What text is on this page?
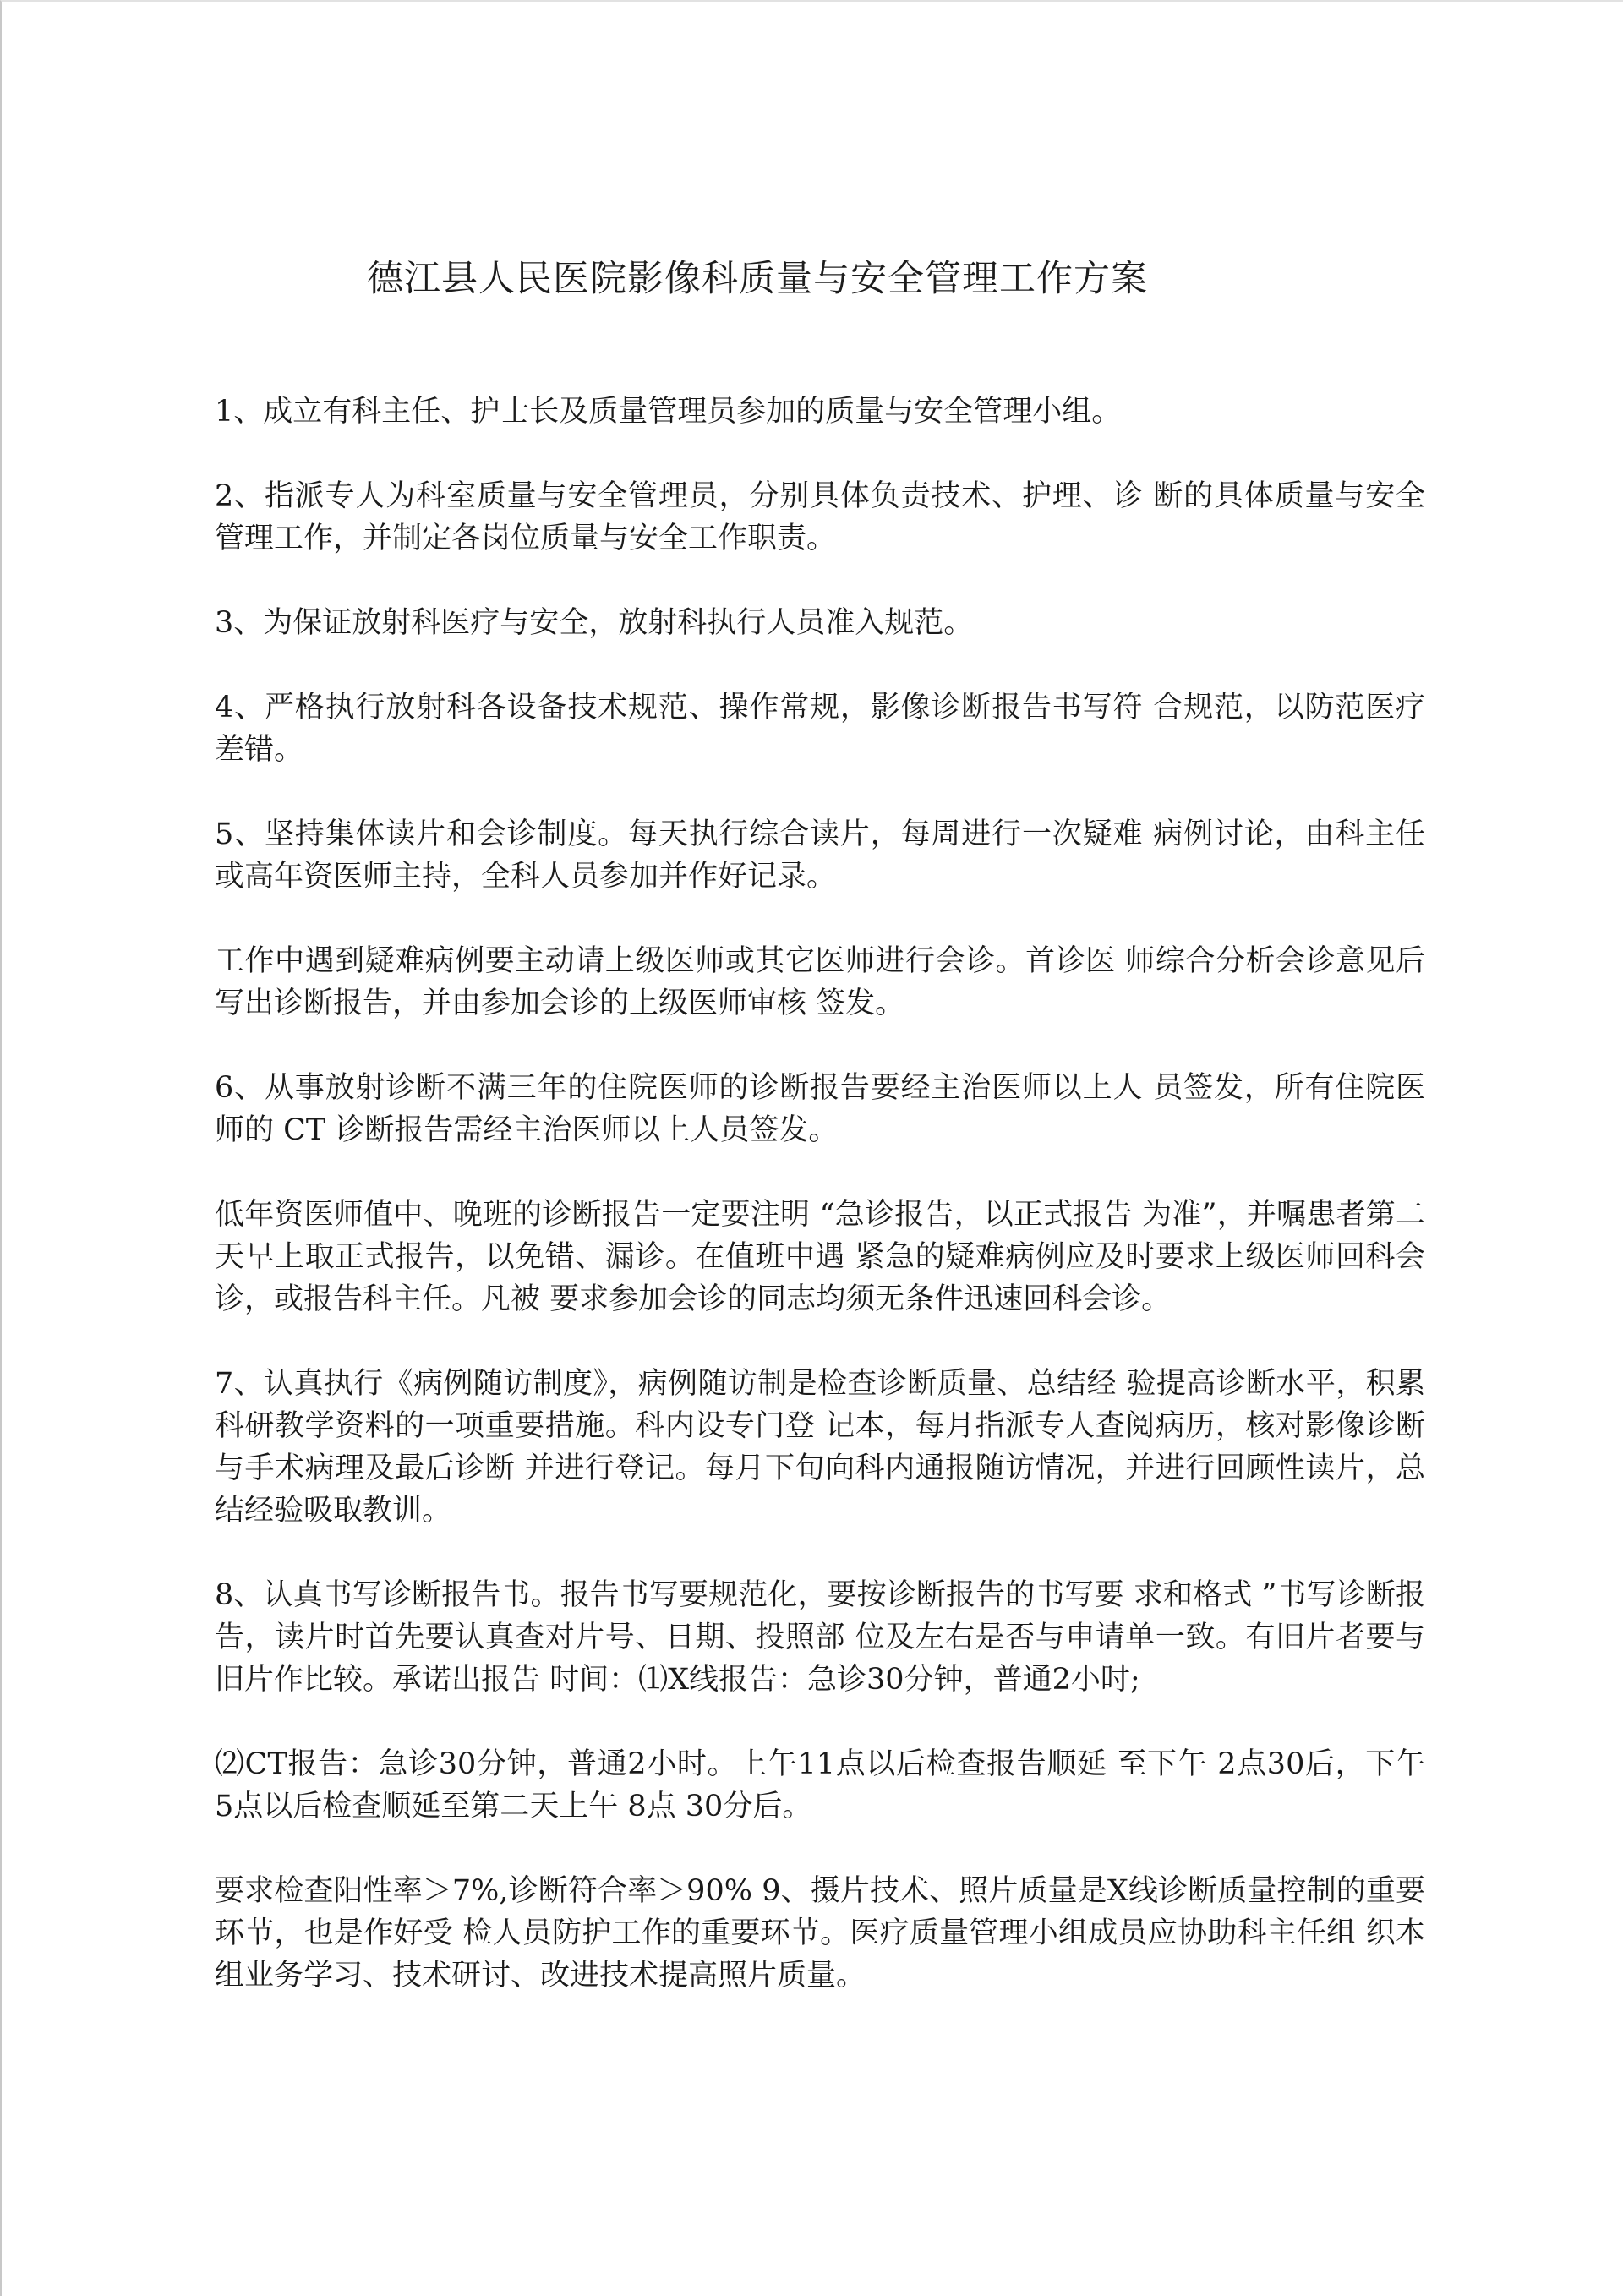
德江县人民医院影像科质量与安全管理工作方案

1、成立有科主任、护士长及质量管理员参加的质量与安全管理小组。

2、指派专人为科室质量与安全管理员，分别具体负责技术、护理、诊 断的具体质量与安全管理工作，并制定各岗位质量与安全工作职责。

3、为保证放射科医疗与安全，放射科执行人员准入规范。

4、严格执行放射科各设备技术规范、操作常规，影像诊断报告书写符 合规范，以防范医疗差错。

5、坚持集体读片和会诊制度。每天执行综合读片，每周进行一次疑难 病例讨论，由科主任或高年资医师主持，全科人员参加并作好记录。

工作中遇到疑难病例要主动请上级医师或其它医师进行会诊。首诊医 师综合分析会诊意见后写出诊断报告，并由参加会诊的上级医师审核 签发。

6、从事放射诊断不满三年的住院医师的诊断报告要经主治医师以上人 员签发，所有住院医师的 CT 诊断报告需经主治医师以上人员签发。

低年资医师值中、晚班的诊断报告一定要注明 “急诊报告，以正式报告 为准”，并嘱患者第二天早上取正式报告，以免错、漏诊。在值班中遇 紧急的疑难病例应及时要求上级医师回科会诊，或报告科主任。凡被 要求参加会诊的同志均须无条件迅速回科会诊。

7、认真执行《病例随访制度》，病例随访制是检查诊断质量、总结经 验提高诊断水平，积累科研教学资料的一项重要措施。科内设专门登 记本，每月指派专人查阅病历，核对影像诊断与手术病理及最后诊断 并进行登记。每月下旬向科内通报随访情况，并进行回顾性读片，总 结经验吸取教训。

8、认真书写诊断报告书。报告书写要规范化，要按诊断报告的书写要 求和格式 ”书写诊断报告，读片时首先要认真查对片号、日期、投照部 位及左右是否与申请单一致。有旧片者要与旧片作比较。承诺出报告 时间：⑴X线报告：急诊30分钟，普通2小时;

⑵CT报告：急诊30分钟，普通2小时。上午11点以后检查报告顺延 至下午 2点30后，下午 5点以后检查顺延至第二天上午 8点 30分后。

要求检查阳性率＞7%,诊断符合率＞90% 9、摄片技术、照片质量是X线诊断质量控制的重要环节，也是作好受 检人员防护工作的重要环节。医疗质量管理小组成员应协助科主任组 织本组业务学习、技术研讨、改进技术提高照片质量。
